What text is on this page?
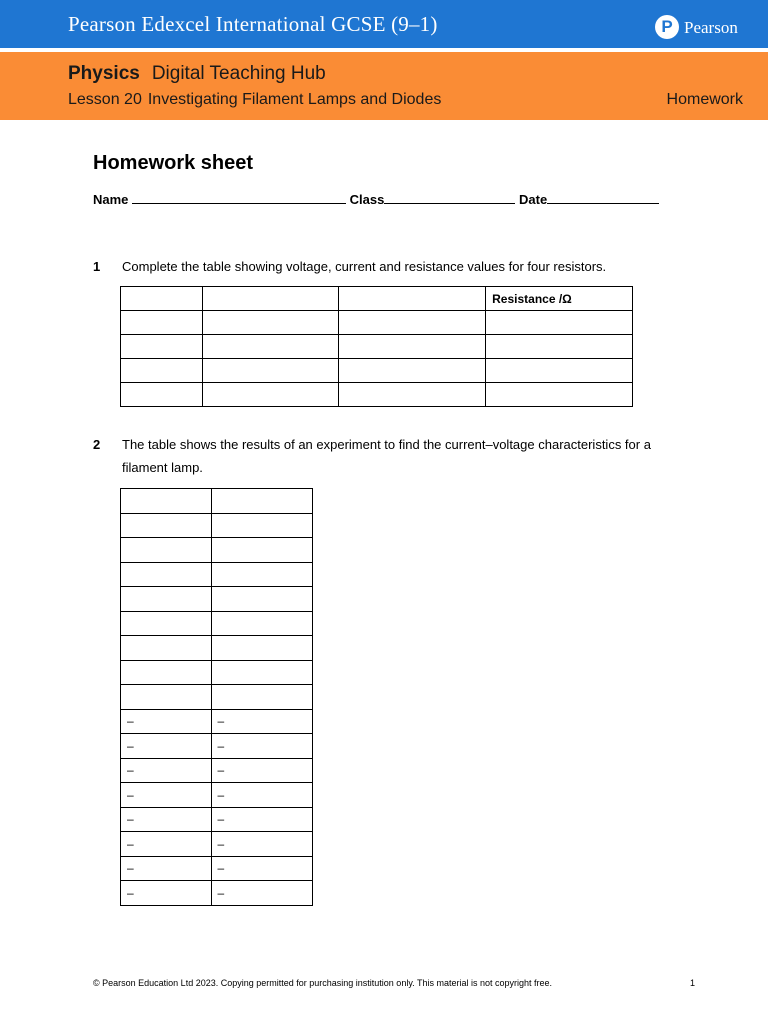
Pearson Edexcel International GCSE (9–1)	P Pearson
Physics Digital Teaching Hub
Lesson 20 Investigating Filament Lamps and Diodes	Homework
Homework sheet
Name	Class	Date
1 Complete the table showing voltage, current and resistance values for four resistors.
			Resistance /Ω

2 The table shows the results of an experiment to find the current–voltage characteristics for a filament lamp.

–	–
–	–
–	–
–	–
–	–
–	–
–	–
–	–
© Pearson Education Ltd 2023. Copying permitted for purchasing institution only. This material is not copyright free.	1
